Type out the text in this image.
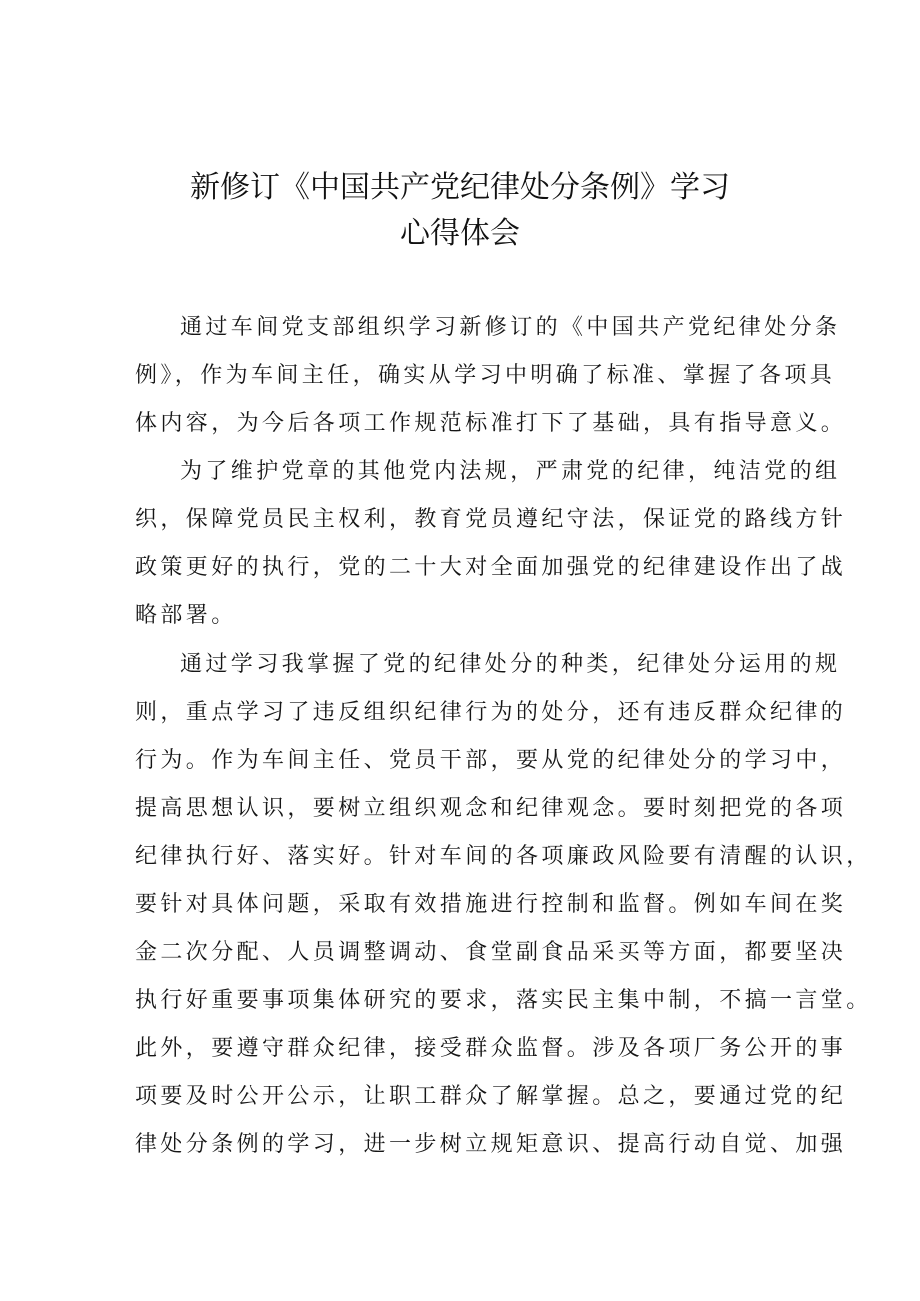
新修订《中国共产党纪律处分条例》学习
心得体会
通过车间党支部组织学习新修订的《中国共产党纪律处分条
例》，作为车间主任，确实从学习中明确了标准、掌握了各项具
体内容，为今后各项工作规范标准打下了基础，具有指导意义。
为了维护党章的其他党内法规，严肃党的纪律，纯洁党的组
织，保障党员民主权利，教育党员遵纪守法，保证党的路线方针
政策更好的执行，党的二十大对全面加强党的纪律建设作出了战
略部署。
通过学习我掌握了党的纪律处分的种类，纪律处分运用的规
则，重点学习了违反组织纪律行为的处分，还有违反群众纪律的
行为。作为车间主任、党员干部，要从党的纪律处分的学习中，
提高思想认识，要树立组织观念和纪律观念。要时刻把党的各项
纪律执行好、落实好。针对车间的各项廉政风险要有清醒的认识，
要针对具体问题，采取有效措施进行控制和监督。例如车间在奖
金二次分配、人员调整调动、食堂副食品采买等方面，都要坚决
执行好重要事项集体研究的要求，落实民主集中制，不搞一言堂。
此外，要遵守群众纪律，接受群众监督。涉及各项厂务公开的事
项要及时公开公示，让职工群众了解掌握。总之，要通过党的纪
律处分条例的学习，进一步树立规矩意识、提高行动自觉、加强
